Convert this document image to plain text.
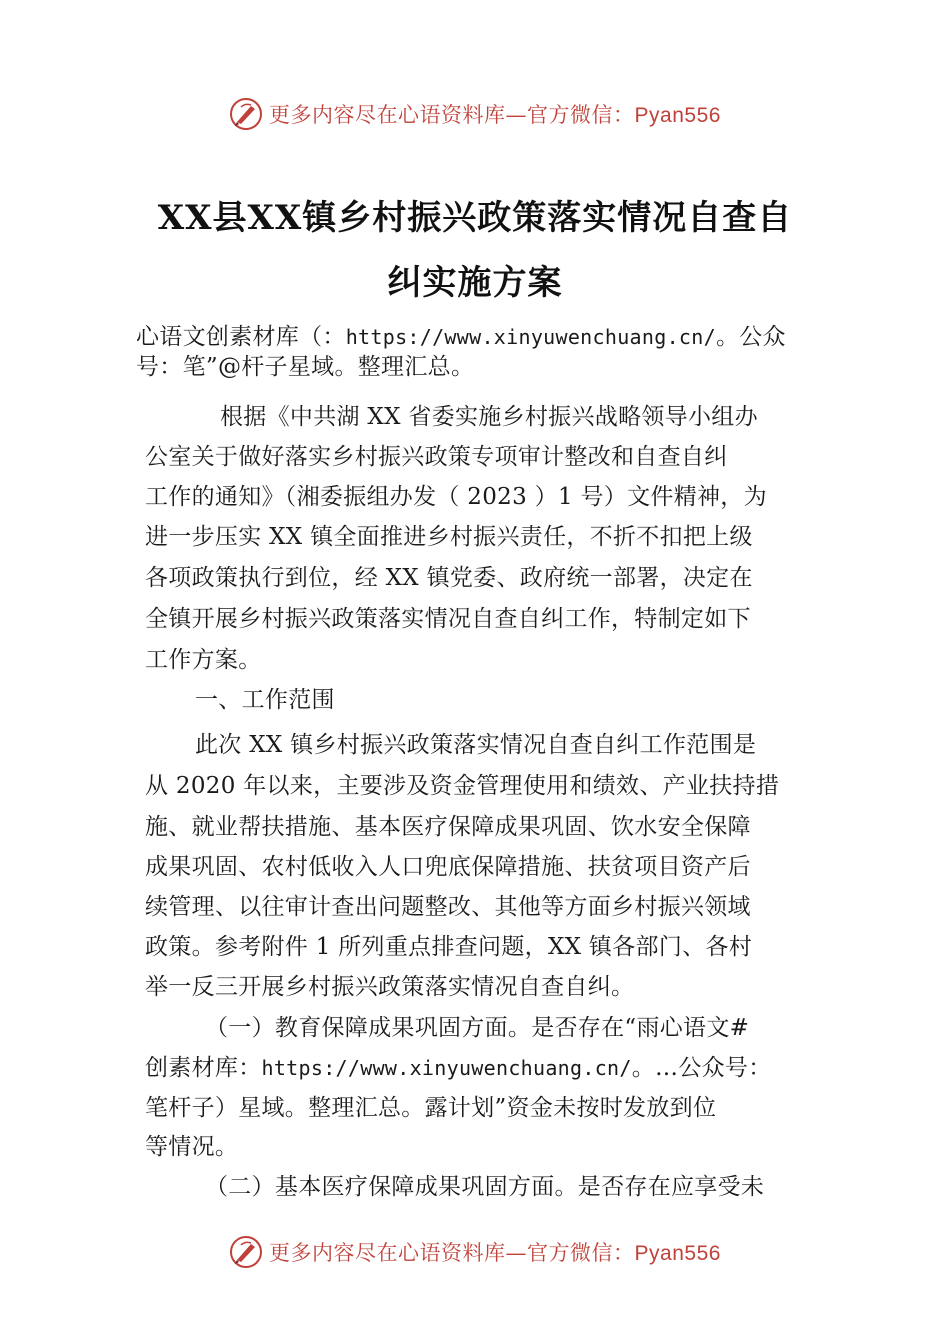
更多内容尽在心语资料库—官方微信：Pyan556
XX县XX镇乡村振兴政策落实情况自查自
纠实施方案
心语文创素材库（：https://www.xinyuwenchuang.cn/。公众
号：笔”@杆子星域。整理汇总。
根据《中共湖 XX 省委实施乡村振兴战略领导小组办
公室关于做好落实乡村振兴政策专项审计整改和自查自纠
工作的通知》（湘委振组办发（ 2023 ）1 号）文件精神，为
进一步压实 XX 镇全面推进乡村振兴责任，不折不扣把上级
各项政策执行到位，经 XX 镇党委、政府统一部署，决定在
全镇开展乡村振兴政策落实情况自查自纠工作，特制定如下
工作方案。
一、工作范围
此次 XX 镇乡村振兴政策落实情况自查自纠工作范围是
从 2020 年以来，主要涉及资金管理使用和绩效、产业扶持措
施、就业帮扶措施、基本医疗保障成果巩固、饮水安全保障
成果巩固、农村低收入人口兜底保障措施、扶贫项目资产后
续管理、以往审计查出问题整改、其他等方面乡村振兴领域
政策。参考附件 1 所列重点排查问题，XX 镇各部门、各村
举一反三开展乡村振兴政策落实情况自查自纠。
（一）教育保障成果巩固方面。是否存在“雨心语文#
创素材库：https://www.xinyuwenchuang.cn/。…公众号：
笔杆子）星域。整理汇总。露计划”资金未按时发放到位
等情况。
（二）基本医疗保障成果巩固方面。是否存在应享受未
更多内容尽在心语资料库—官方微信：Pyan556
